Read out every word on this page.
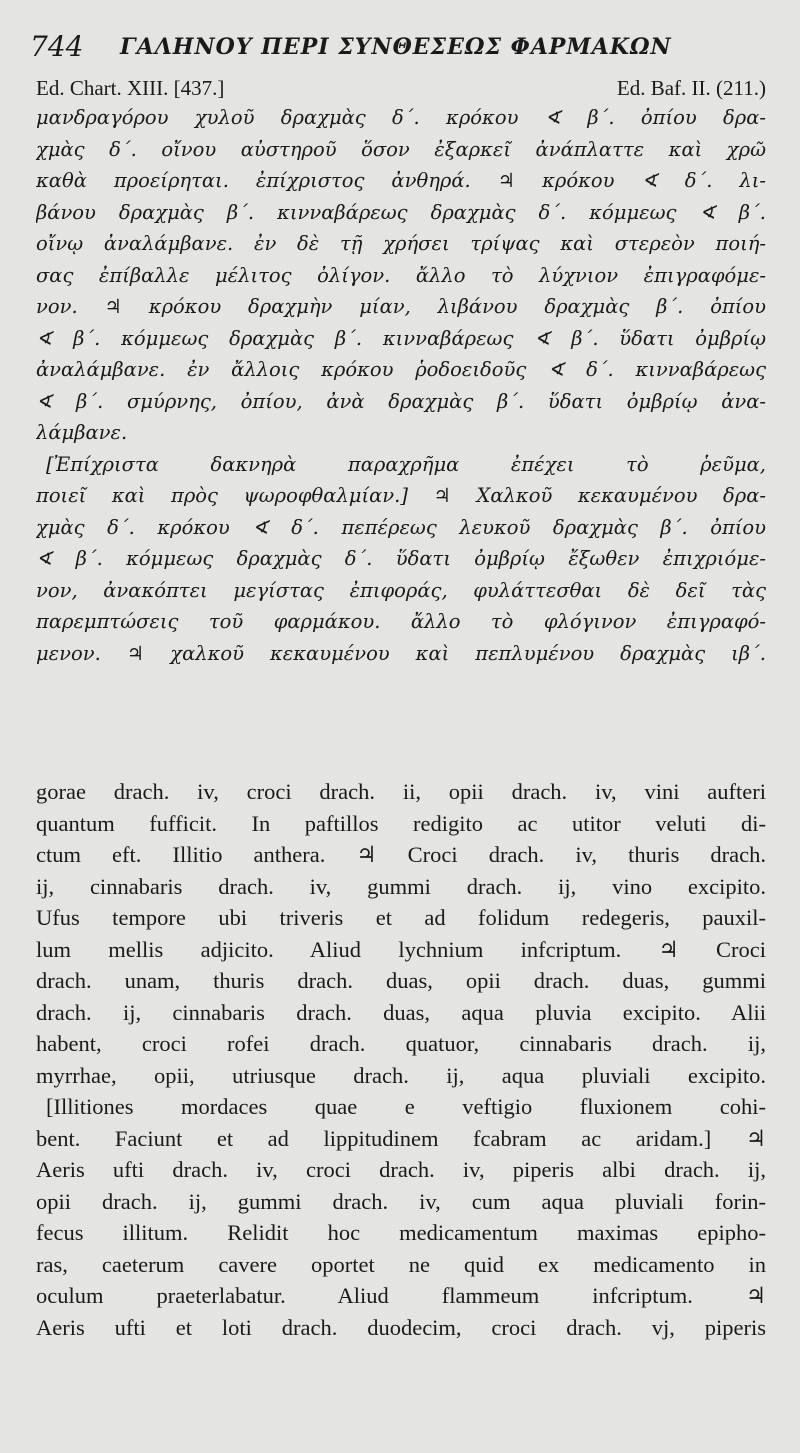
744 ΓΑΛΗΝΟΥ ΠΕΡΙ ΣΥΝΘΕΣΕΩΣ ΦΑΡΜΑΚΩΝ
Ed. Chart. XIII. [437.]	Ed. Baf. II. (211.)
μανδραγόρου χυλοῦ δραχμὰς δ΄. κρόκου ∢ β΄. ὀπίου δρα-
χμὰς δ΄. οἴνου αὐστηροῦ ὅσον ἐξαρκεῖ ἀνάπλαττε καὶ χρῶ
καθὰ προείρηται. ἐπίχριστος ἀνθηρά. ♃ κρόκου ∢ δ΄. λι-
βάνου δραχμὰς β΄. κινναβάρεως δραχμὰς δ΄. κόμμεως ∢ β΄.
οἴνῳ ἀναλάμβανε. ἐν δὲ τῇ χρήσει τρίψας καὶ στερεὸν ποιή-
σας ἐπίβαλλε μέλιτος ὀλίγον. ἄλλο τὸ λύχνιον ἐπιγραφόμε-
νον. ♃ κρόκου δραχμὴν μίαν, λιβάνου δραχμὰς β΄. ὀπίου
∢ β΄. κόμμεως δραχμὰς β΄. κινναβάρεως ∢ β΄. ὕδατι ὀμβρίῳ
ἀναλάμβανε. ἐν ἄλλοις κρόκου ῥοδοειδοῦς ∢ δ΄. κινναβάρεως
∢ β΄. σμύρνης, ὀπίου, ἀνὰ δραχμὰς β΄. ὕδατι ὀμβρίῳ ἀνα-
λάμβανε.
[Ἐπίχριστα δακνηρὰ παραχρῆμα ἐπέχει τὸ ῥεῦμα,
ποιεῖ καὶ πρὸς ψωροφθαλμίαν.] ♃ Χαλκοῦ κεκαυμένου δρα-
χμὰς δ΄. κρόκου ∢ δ΄. πεπέρεως λευκοῦ δραχμὰς β΄. ὀπίου
∢ β΄. κόμμεως δραχμὰς δ΄. ὕδατι ὀμβρίῳ ἔξωθεν ἐπιχριόμε-
νον, ἀνακόπτει μεγίστας ἐπιφοράς, φυλάττεσθαι δὲ δεῖ τὰς
παρεμπτώσεις τοῦ φαρμάκου. ἄλλο τὸ φλόγινον ἐπιγραφό-
μενον. ♃ χαλκοῦ κεκαυμένου καὶ πεπλυμένου δραχμὰς ιβ΄.
gorae drach. iv, croci drach. ii, opii drach. iv, vini aufteri
quantum fufficit. In paftillos redigito ac utitor veluti di-
ctum eft. Illitio anthera. ♃ Croci drach. iv, thuris drach.
ij, cinnabaris drach. iv, gummi drach. ij, vino excipito.
Ufus tempore ubi triveris et ad folidum redegeris, pauxil-
lum mellis adjicito. Aliud lychnium infcriptum. ♃ Croci
drach. unam, thuris drach. duas, opii drach. duas, gummi
drach. ij, cinnabaris drach. duas, aqua pluvia excipito. Alii
habent, croci rofei drach. quatuor, cinnabaris drach. ij,
myrrhae, opii, utriusque drach. ij, aqua pluviali excipito.
[Illitiones mordaces quae e veftigio fluxionem cohi-
bent. Faciunt et ad lippitudinem fcabram ac aridam.] ♃
Aeris ufti drach. iv, croci drach. iv, piperis albi drach. ij,
opii drach. ij, gummi drach. iv, cum aqua pluviali forin-
fecus illitum. Relidit hoc medicamentum maximas epipho-
ras, caeterum cavere oportet ne quid ex medicamento in
oculum praeterlabatur. Aliud flammeum infcriptum. ♃
Aeris ufti et loti drach. duodecim, croci drach. vj, piperis
